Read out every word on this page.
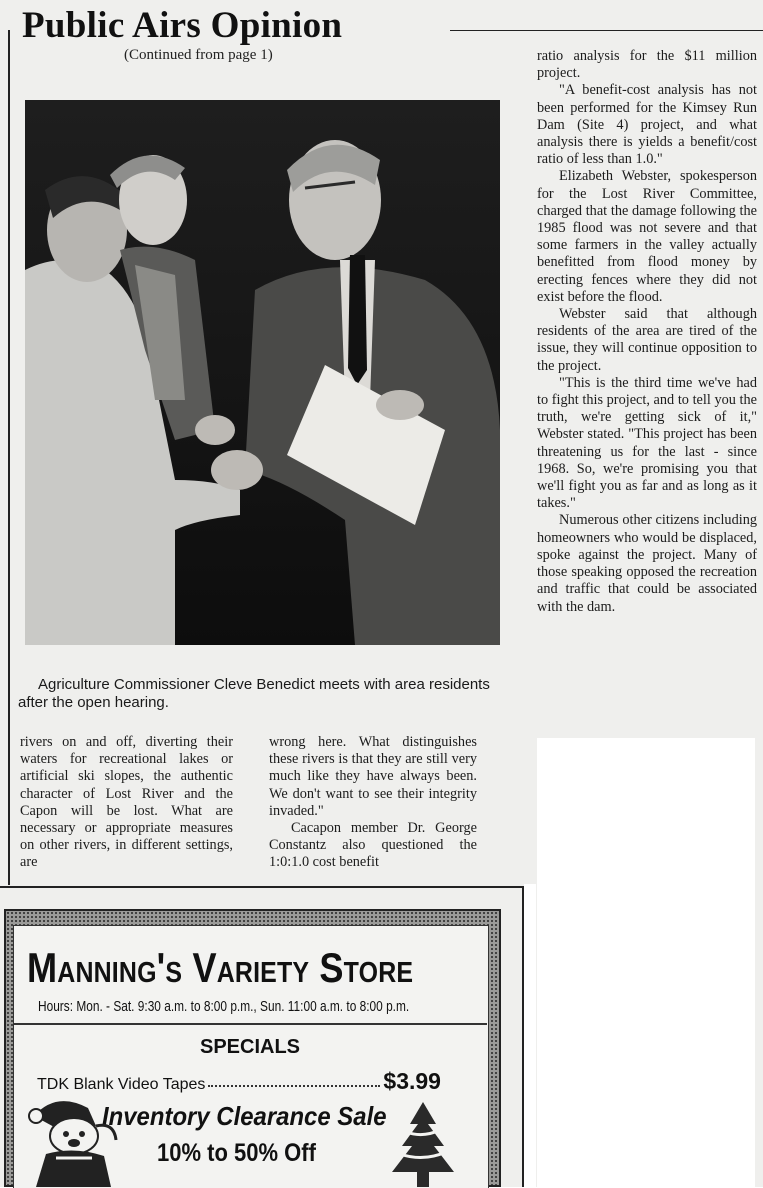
Public Airs Opinion
(Continued from page 1)
Agriculture Commissioner Cleve Benedict meets with area residents after the open hearing.

rivers on and off, diverting their waters for recreational lakes or artificial ski slopes, the authentic character of Lost River and the Capon will be lost. What are necessary or appropriate measures on other rivers, in different settings, are

wrong here. What distinguishes these rivers is that they are still very much like they have always been. We don't want to see their integrity invaded."

Cacapon member Dr. George Constantz also questioned the 1:0:1.0 cost benefit

ratio analysis for the $11 million project.

"A benefit-cost analysis has not been performed for the Kimsey Run Dam (Site 4) project, and what analysis there is yields a benefit/cost ratio of less than 1.0."

Elizabeth Webster, spokesperson for the Lost River Committee, charged that the damage following the 1985 flood was not severe and that some farmers in the valley actually benefitted from flood money by erecting fences where they did not exist before the flood.

Webster said that although residents of the area are tired of the issue, they will continue opposition to the project.

"This is the third time we've had to fight this project, and to tell you the truth, we're getting sick of it," Webster stated. "This project has been threatening us for the last - since 1968. So, we're promising you that we'll fight you as far and as long as it takes."

Numerous other citizens including homeowners who would be displaced, spoke against the project. Many of those speaking opposed the recreation and traffic that could be associated with the dam.

Manning's Variety Store
Hours: Mon. - Sat. 9:30 a.m. to 8:00 p.m., Sun. 11:00 a.m. to 8:00 p.m.
SPECIALS
TDK Blank Video Tapes	$3.99
Inventory Clearance Sale
10% to 50% Off
